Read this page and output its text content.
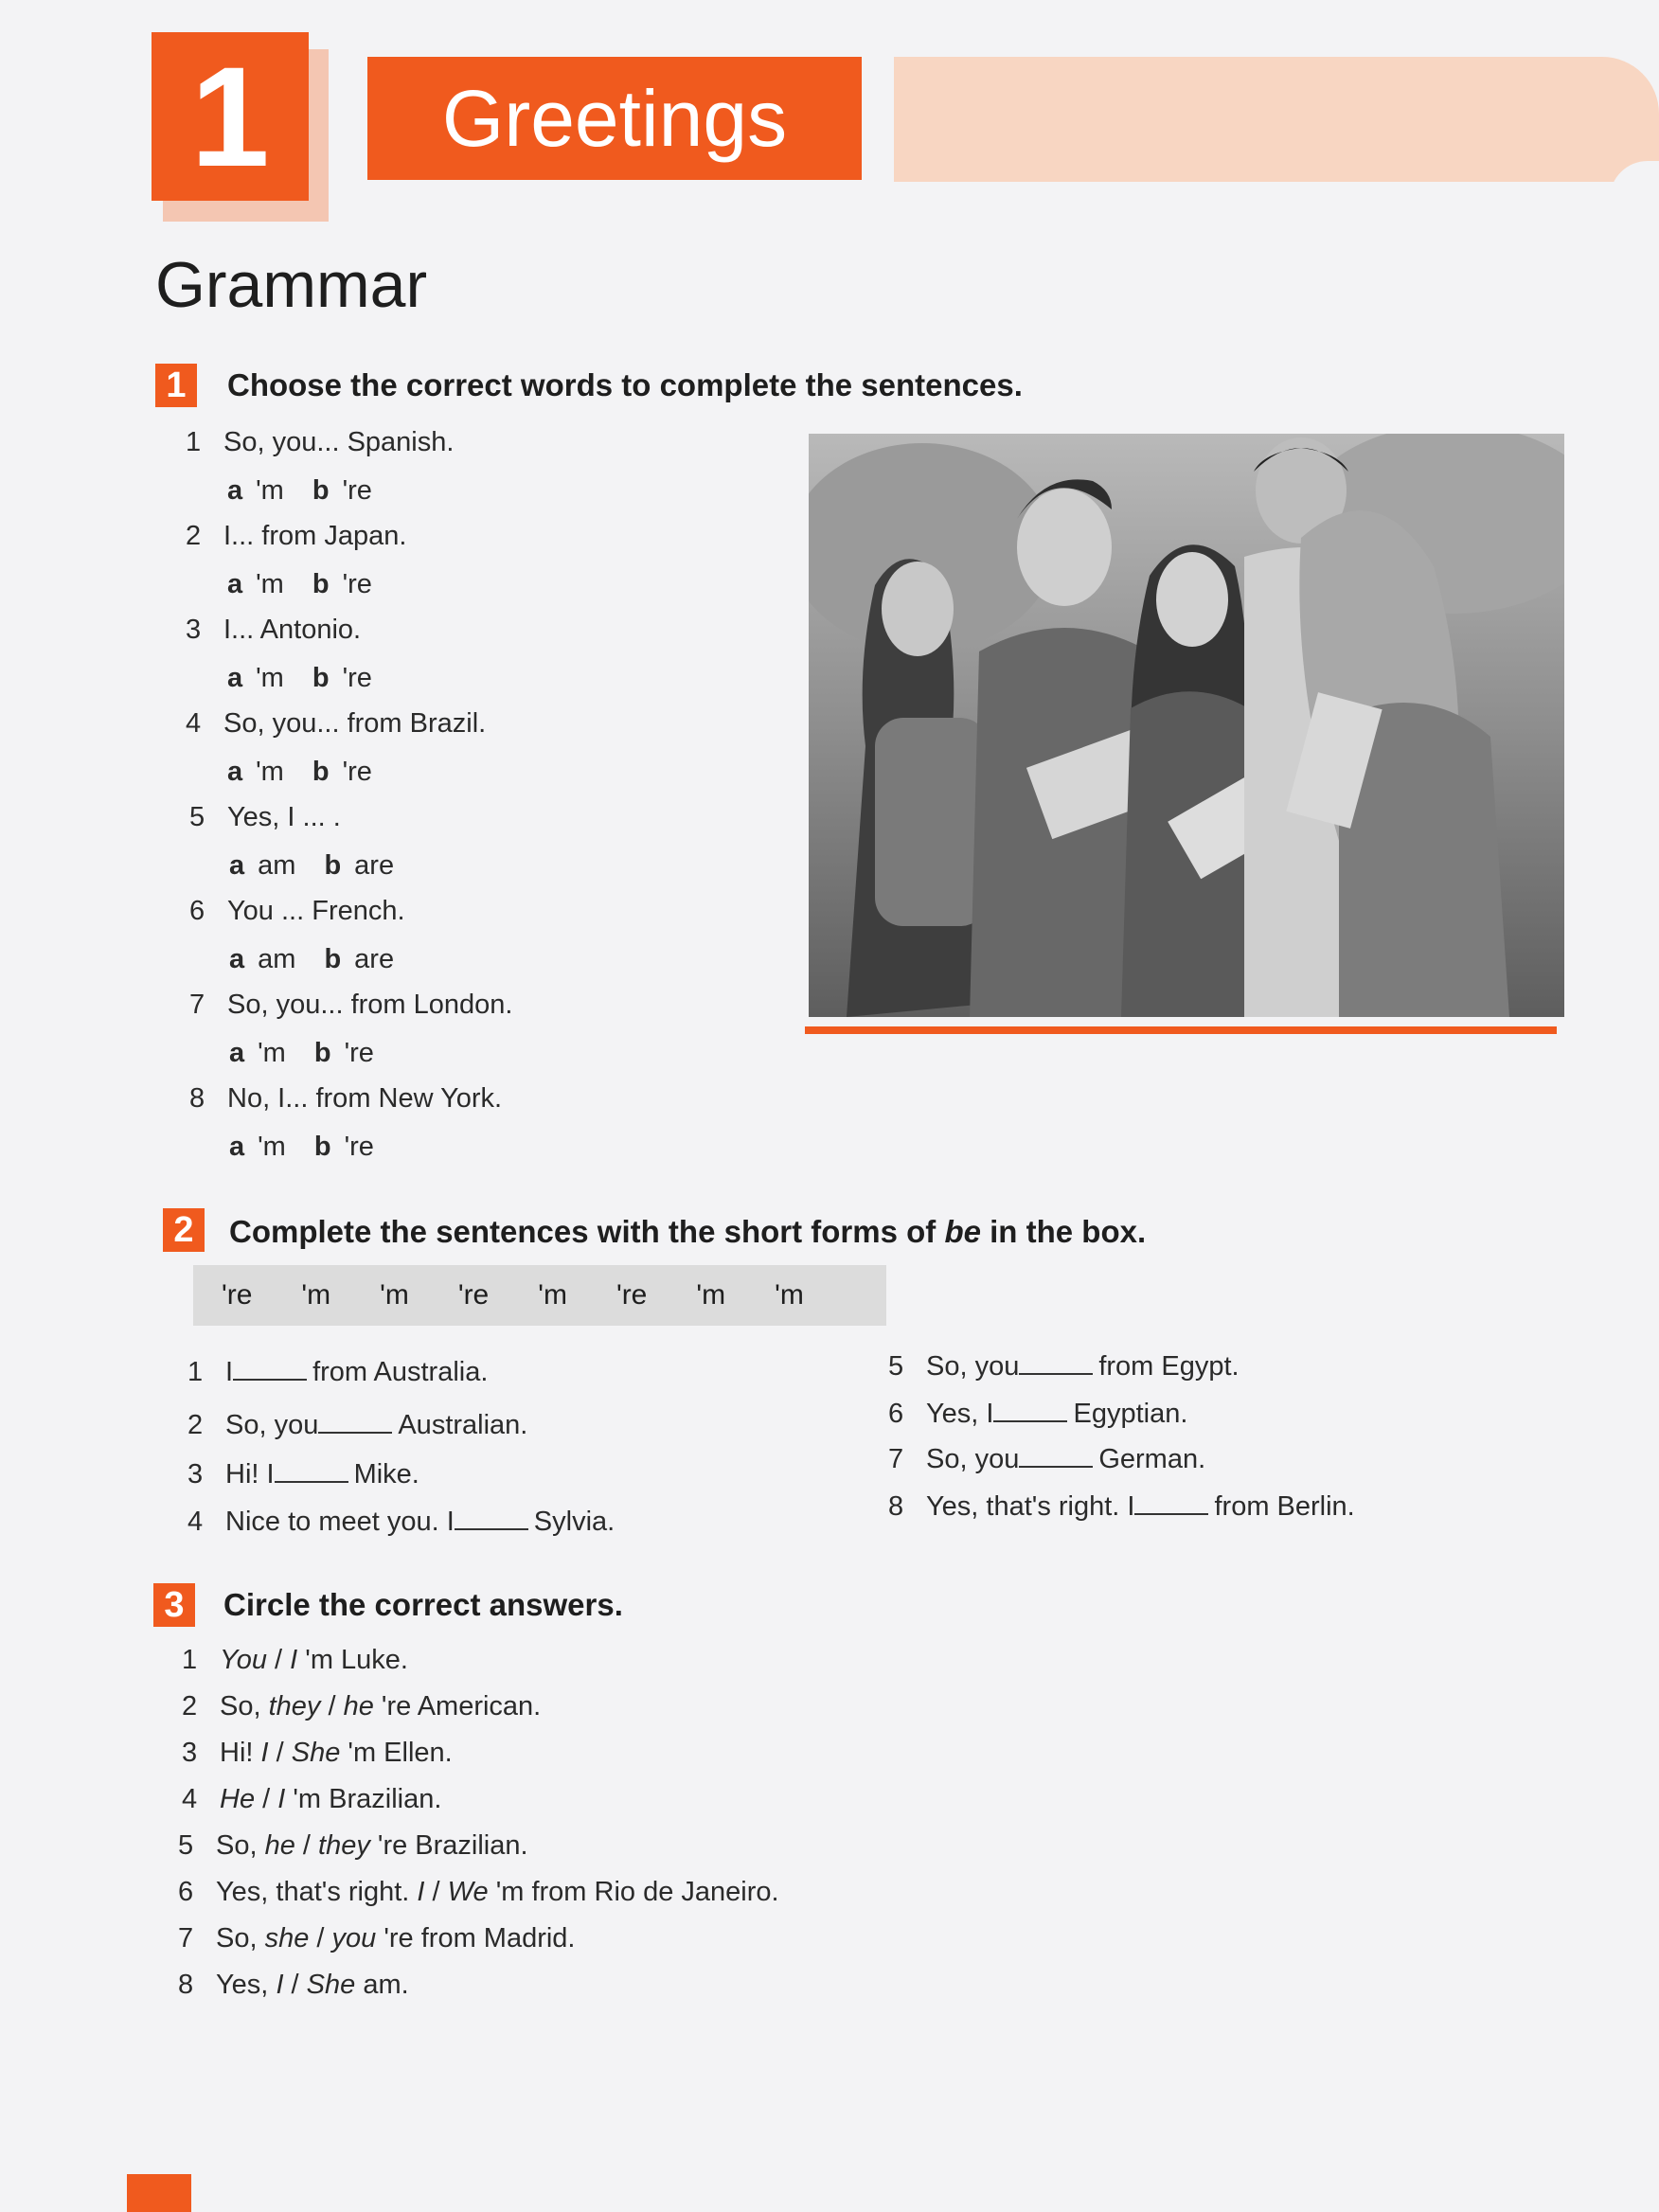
1	Greetings
Grammar
1	Choose the correct words to complete the sentences.
1 So, you... Spanish.
a 'm b 're
2 I... from Japan.
a 'm b 're
3 I... Antonio.
a 'm b 're
4 So, you... from Brazil.
a 'm b 're
5 Yes, I ... .
a am b are
6 You ... French.
a am b are
7 So, you... from London.
a 'm b 're
8 No, I... from New York.
a 'm b 're
2	Complete the sentences with the short forms of be in the box.
're 'm 'm 're 'm 're 'm 'm
1 I	from Australia.
2 So, you	Australian.
3 Hi! I	Mike.
4 Nice to meet you. I	Sylvia.
5 So, you	from Egypt.
6 Yes, I	Egyptian.
7 So, you	German.
8 Yes, that's right. I	from Berlin.
3	Circle the correct answers.
1 You / I 'm Luke.
2 So, they / he 're American.
3 Hi! I / She 'm Ellen.
4 He / I 'm Brazilian.
5 So, he / they 're Brazilian.
6 Yes, that's right. I / We 'm from Rio de Janeiro.
7 So, she / you 're from Madrid.
8 Yes, I / She am.
